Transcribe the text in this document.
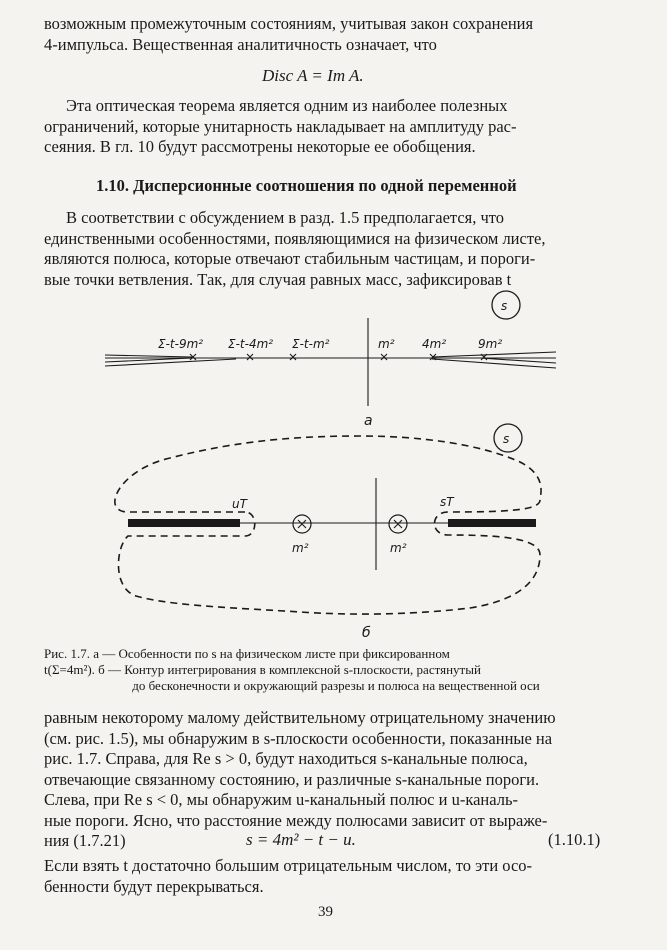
возможным промежуточным состояниям, учитывая закон сохранения

4-импульса. Вещественная аналитичность означает, что

Disc A = Im A.

Эта оптическая теорема является одним из наиболее полезных

ограничений, которые унитарность накладывает на амплитуду рас-

сеяния. В гл. 10 будут рассмотрены некоторые ее обобщения.

1.10. Дисперсионные соотношения по одной переменной

В соответствии с обсуждением в разд. 1.5 предполагается, что

единственными особенностями, появляющимися на физическом листе,

являются полюса, которые отвечают стабильным частицам, и пороги-

вые точки ветвления. Так, для случая равных масс, зафиксировав t

s
Σ-t-9m² Σ-t-4m² Σ-t-m²	m² 4m²	9m²
а
s
uT	sT
m²	m²
б

Рис. 1.7. а — Особенности по s на физическом листе при фиксированном

t(Σ=4m²). б — Контур интегрирования в комплексной s-плоскости, растянутый

до бесконечности и окружающий разрезы и полюса на вещественной оси

равным некоторому малому действительному отрицательному значению

(см. рис. 1.5), мы обнаружим в s-плоскости особенности, показанные на

рис. 1.7. Справа, для Re s > 0, будут находиться s-канальные полюса,

отвечающие связанному состоянию, и различные s-канальные пороги.

Слева, при Re s < 0, мы обнаружим u-канальный полюс и u-каналь-

ные пороги. Ясно, что расстояние между полюсами зависит от выраже-

ния (1.7.21)	s = 4m² − t − u.	(1.10.1)

Если взять t достаточно большим отрицательным числом, то эти осо-

бенности будут перекрываться.

39
